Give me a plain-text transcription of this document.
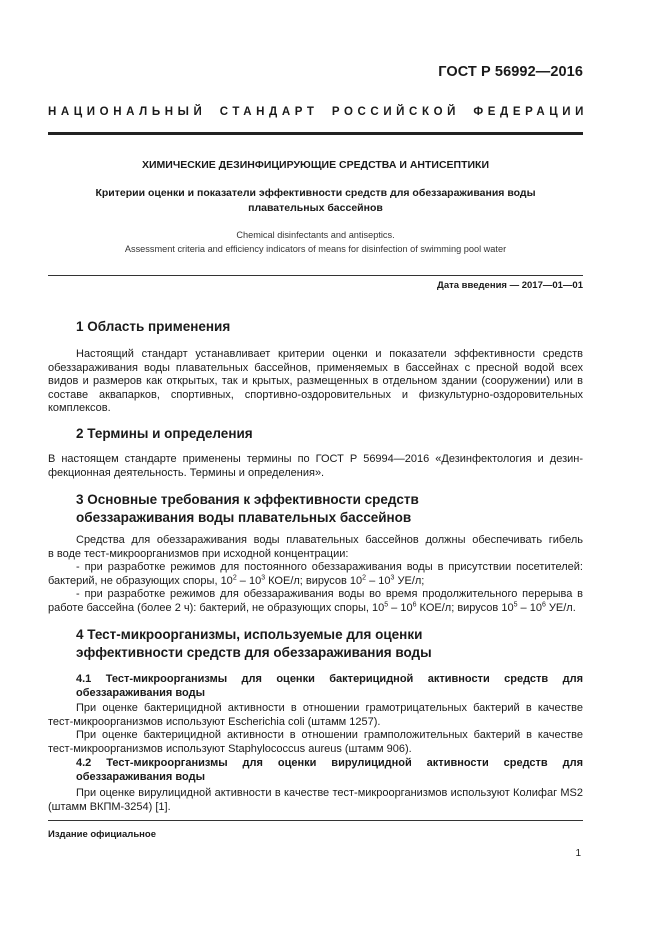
ГОСТ Р 56992—2016
НАЦИОНАЛЬНЫЙ СТАНДАРТ РОССИЙСКОЙ ФЕДЕРАЦИИ
ХИМИЧЕСКИЕ ДЕЗИНФИЦИРУЮЩИЕ СРЕДСТВА И АНТИСЕПТИКИ
Критерии оценки и показатели эффективности средств для обеззараживания воды
плавательных бассейнов
Chemical disinfectants and antiseptics.
Assessment criteria and efficiency indicators of means for disinfection of swimming pool water
Дата введения — 2017—01—01
1 Область применения

Настоящий стандарт устанавливает критерии оценки и показатели эффективности средств

обеззараживания воды плавательных бассейнов, применяемых в бассейнах с пресной водой всех

видов и размеров как открытых, так и крытых, размещенных в отдельном здании (сооружении) или в

составе аквапарков, спортивных, спортивно-оздоровительных и физкультурно-оздоровительных

комплексов.

2 Термины и определения

В настоящем стандарте применены термины по ГОСТ Р 56994—2016 «Дезинфектология и дезин-

фекционная деятельность. Термины и определения».

3 Основные требования к эффективности средств
обеззараживания воды плавательных бассейнов

Средства для обеззараживания воды плавательных бассейнов должны обеспечивать гибель

в воде тест-микроорганизмов при исходной концентрации:

- при разработке режимов для постоянного обеззараживания воды в присутствии посетителей:

бактерий, не образующих споры, $10^2 - 10^3$ КОЕ/л; вирусов $10^2 - 10^3$ УЕ/л;

- при разработке режимов для обеззараживания воды во время продолжительного перерыва в

работе бассейна (более 2 ч): бактерий, не образующих споры, $10^5 - 10^6$ КОЕ/л; вирусов $10^5 - 10^6$ УЕ/л.

4 Тест-микроорганизмы, используемые для оценки
эффективности средств для обеззараживания воды
4.1 Тест-микроорганизмы для оценки бактерицидной активности средств для
обеззараживания воды

При оценке бактерицидной активности в отношении грамотрицательных бактерий в качестве

тест-микроорганизмов используют Escherichia coli (штамм 1257).

При оценке бактерицидной активности в отношении грамположительных бактерий в качестве

тест-микроорганизмов используют Staphylococcus aureus (штамм 906).

4.2 Тест-микроорганизмы для оценки вирулицидной активности средств для
обеззараживания воды

При оценке вирулицидной активности в качестве тест-микроорганизмов используют Колифаг MS2

(штамм ВКПМ-3254) [1].

Издание официальное
1
